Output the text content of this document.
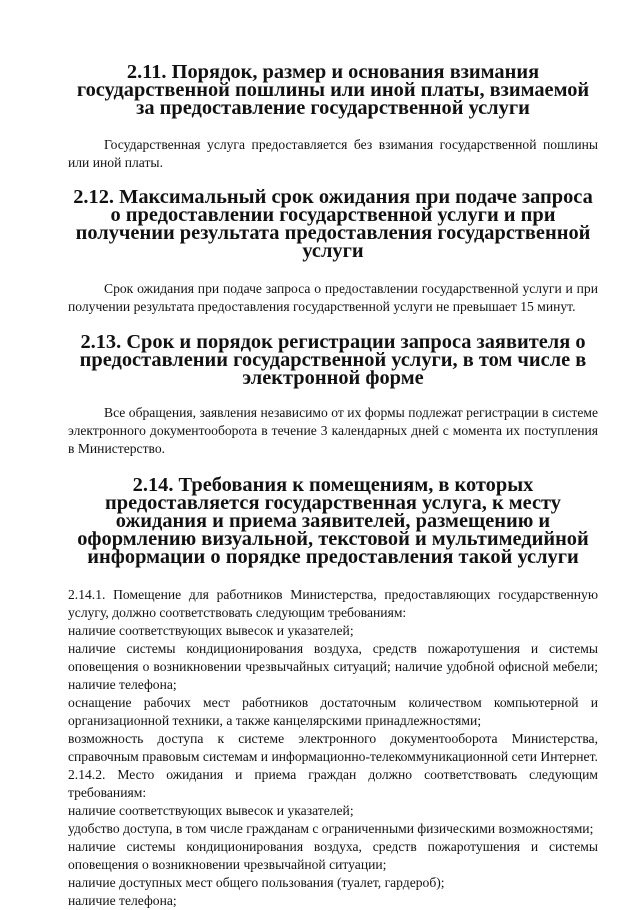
2.11. Порядок, размер и основания взимания государственной пошлины или иной платы, взимаемой за предоставление государственной услуги

Государственная услуга предоставляется без взимания государственной пошлины или иной платы.

2.12. Максимальный срок ожидания при подаче запроса о предоставлении государственной услуги и при получении результата предоставления государственной услуги

Срок ожидания при подаче запроса о предоставлении государственной услуги и при получении результата предоставления государственной услуги не превышает 15 минут.

2.13. Срок и порядок регистрации запроса заявителя о предоставлении государственной услуги, в том числе в электронной форме

Все обращения, заявления независимо от их формы подлежат регистрации в системе электронного документооборота в течение 3 календарных дней с момента их поступления в Министерство.

2.14. Требования к помещениям, в которых предоставляется государственная услуга, к месту ожидания и приема заявителей, размещению и оформлению визуальной, текстовой и мультимедийной информации о порядке предоставления такой услуги

2.14.1. Помещение для работников Министерства, предоставляющих государственную услугу, должно соответствовать следующим требованиям:

наличие соответствующих вывесок и указателей;

наличие системы кондиционирования воздуха, средств пожаротушения и системы оповещения о возникновении чрезвычайных ситуаций; наличие удобной офисной мебели; наличие телефона;

оснащение рабочих мест работников достаточным количеством компьютерной и организационной техники, а также канцелярскими принадлежностями;

возможность доступа к системе электронного документооборота Министерства, справочным правовым системам и информационно-телекоммуникационной сети Интернет.

2.14.2. Место ожидания и приема граждан должно соответствовать следующим требованиям:

наличие соответствующих вывесок и указателей;

удобство доступа, в том числе гражданам с ограниченными физическими возможностями;

наличие системы кондиционирования воздуха, средств пожаротушения и системы оповещения о возникновении чрезвычайной ситуации;

наличие доступных мест общего пользования (туалет, гардероб);

наличие телефона;
